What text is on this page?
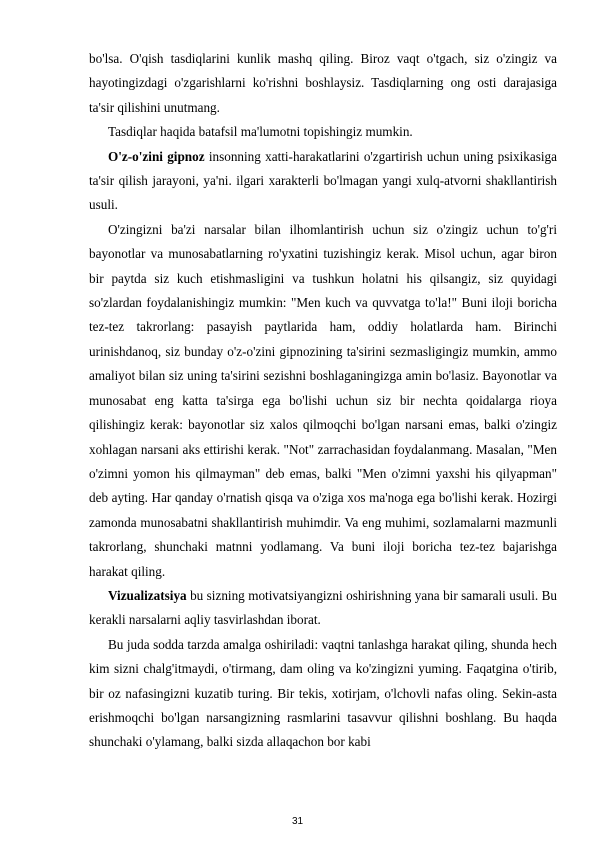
bo'lsa. O'qish tasdiqlarini kunlik mashq qiling. Biroz vaqt o'tgach, siz o'zingiz va hayotingizdagi o'zgarishlarni ko'rishni boshlaysiz. Tasdiqlarning ong osti darajasiga ta'sir qilishini unutmang.

Tasdiqlar haqida batafsil ma'lumotni topishingiz mumkin.

O'z-o'zini gipnoz insonning xatti-harakatlarini o'zgartirish uchun uning psixikasiga ta'sir qilish jarayoni, ya'ni. ilgari xarakterli bo'lmagan yangi xulq-atvorni shakllantirish usuli.

O'zingizni ba'zi narsalar bilan ilhomlantirish uchun siz o'zingiz uchun to'g'ri bayonotlar va munosabatlarning ro'yxatini tuzishingiz kerak. Misol uchun, agar biron bir paytda siz kuch etishmasligini va tushkun holatni his qilsangiz, siz quyidagi so'zlardan foydalanishingiz mumkin: "Men kuch va quvvatga to'la!" Buni iloji boricha tez-tez takrorlang: pasayish paytlarida ham, oddiy holatlarda ham. Birinchi urinishdanoq, siz bunday o'z-o'zini gipnozining ta'sirini sezmasligingiz mumkin, ammo amaliyot bilan siz uning ta'sirini sezishni boshlaganingizga amin bo'lasiz. Bayonotlar va munosabat eng katta ta'sirga ega bo'lishi uchun siz bir nechta qoidalarga rioya qilishingiz kerak: bayonotlar siz xalos qilmoqchi bo'lgan narsani emas, balki o'zingiz xohlagan narsani aks ettirishi kerak. "Not" zarrachasidan foydalanmang. Masalan, "Men o'zimni yomon his qilmayman" deb emas, balki "Men o'zimni yaxshi his qilyapman" deb ayting. Har qanday o'rnatish qisqa va o'ziga xos ma'noga ega bo'lishi kerak. Hozirgi zamonda munosabatni shakllantirish muhimdir. Va eng muhimi, sozlamalarni mazmunli takrorlang, shunchaki matnni yodlamang. Va buni iloji boricha tez-tez bajarishga harakat qiling.

Vizualizatsiya bu sizning motivatsiyangizni oshirishning yana bir samarali usuli. Bu kerakli narsalarni aqliy tasvirlashdan iborat.

Bu juda sodda tarzda amalga oshiriladi: vaqtni tanlashga harakat qiling, shunda hech kim sizni chalg'itmaydi, o'tirmang, dam oling va ko'zingizni yuming. Faqatgina o'tirib, bir oz nafasingizni kuzatib turing. Bir tekis, xotirjam, o'lchovli nafas oling. Sekin-asta erishmoqchi bo'lgan narsangizning rasmlarini tasavvur qilishni boshlang. Bu haqda shunchaki o'ylamang, balki sizda allaqachon bor kabi

31
